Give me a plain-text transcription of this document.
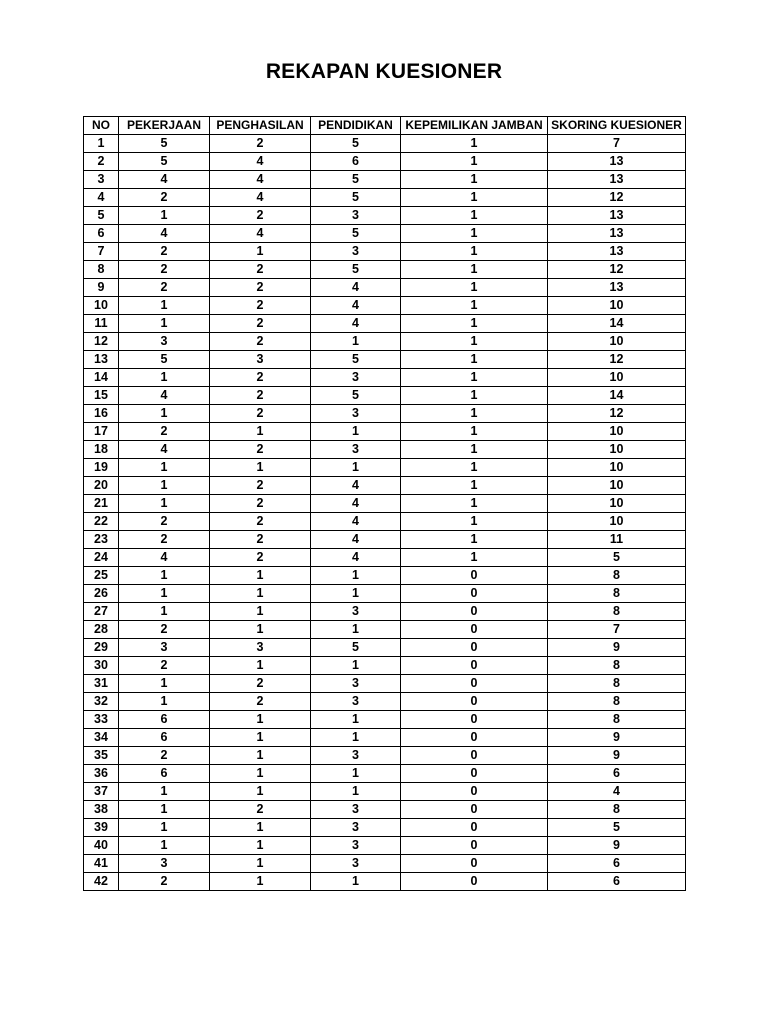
REKAPAN KUESIONER
NO	PEKERJAAN	PENGHASILAN	PENDIDIKAN	KEPEMILIKAN JAMBAN	SKORING KUESIONER
1	5	2	5	1	7
2	5	4	6	1	13
3	4	4	5	1	13
4	2	4	5	1	12
5	1	2	3	1	13
6	4	4	5	1	13
7	2	1	3	1	13
8	2	2	5	1	12
9	2	2	4	1	13
10	1	2	4	1	10
11	1	2	4	1	14
12	3	2	1	1	10
13	5	3	5	1	12
14	1	2	3	1	10
15	4	2	5	1	14
16	1	2	3	1	12
17	2	1	1	1	10
18	4	2	3	1	10
19	1	1	1	1	10
20	1	2	4	1	10
21	1	2	4	1	10
22	2	2	4	1	10
23	2	2	4	1	11
24	4	2	4	1	5
25	1	1	1	0	8
26	1	1	1	0	8
27	1	1	3	0	8
28	2	1	1	0	7
29	3	3	5	0	9
30	2	1	1	0	8
31	1	2	3	0	8
32	1	2	3	0	8
33	6	1	1	0	8
34	6	1	1	0	9
35	2	1	3	0	9
36	6	1	1	0	6
37	1	1	1	0	4
38	1	2	3	0	8
39	1	1	3	0	5
40	1	1	3	0	9
41	3	1	3	0	6
42	2	1	1	0	6
